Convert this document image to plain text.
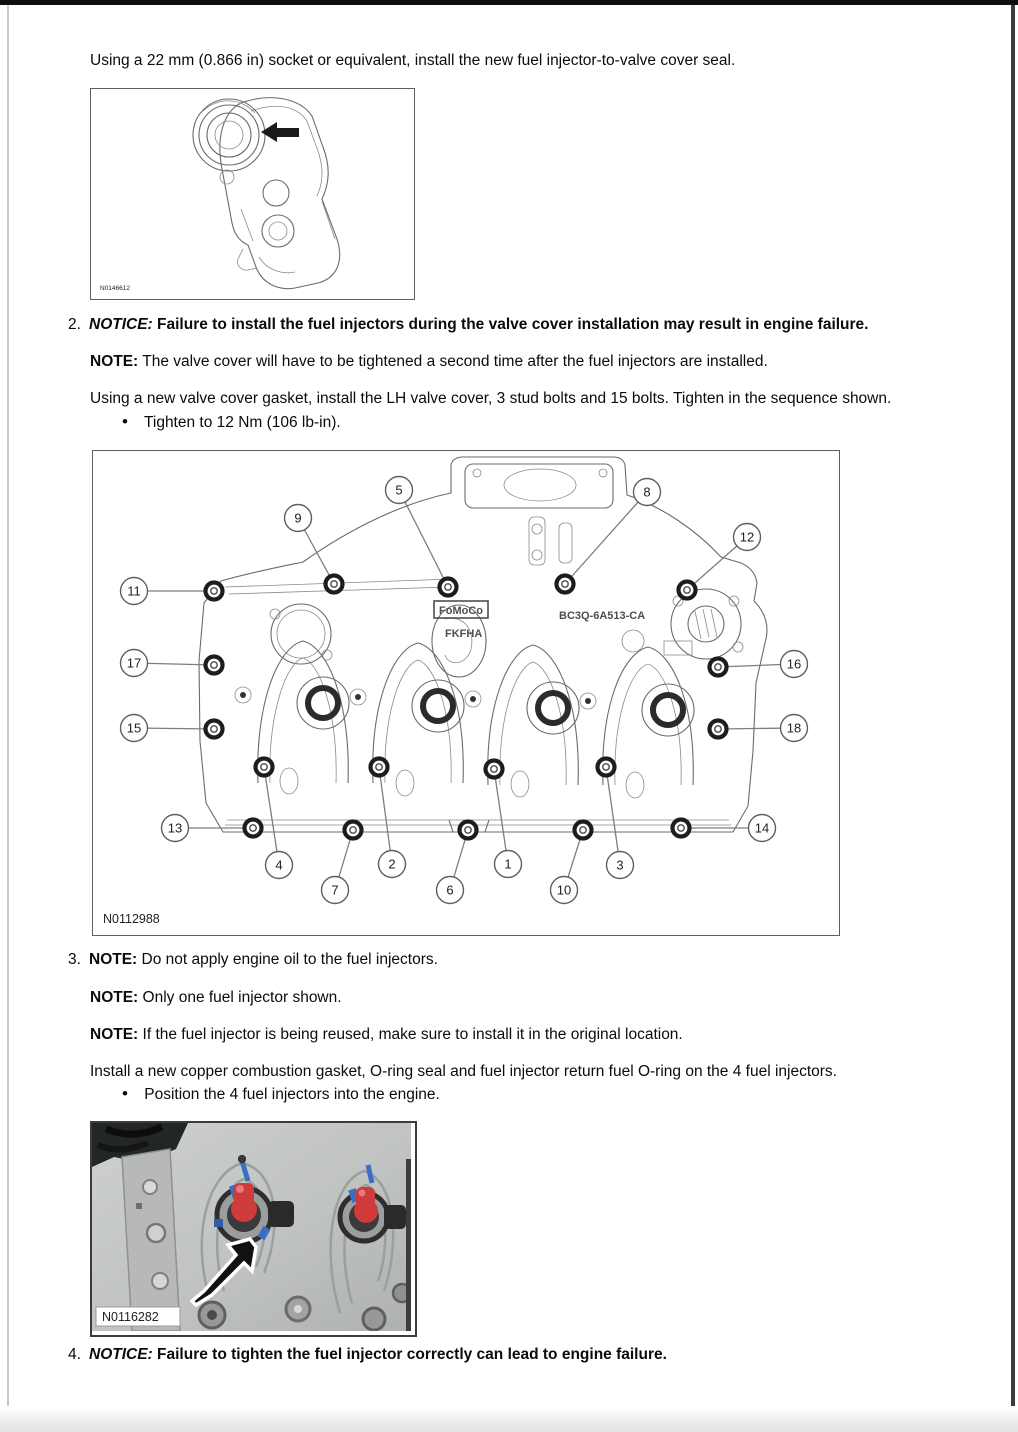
Using a 22 mm (0.866 in) socket or equivalent, install the new fuel injector-to-valve cover seal.
N0146612
2. NOTICE: Failure to install the fuel injectors during the valve cover installation may result in engine failure.
NOTE: The valve cover will have to be tightened a second time after the fuel injectors are installed.
Using a new valve cover gasket, install the LH valve cover, 3 stud bolts and 15 bolts. Tighten in the sequence shown.
• Tighten to 12 Nm (106 lb-in).
FoMoCo
FKFHA
BC3Q-6A513-CA
1
2	3
4
5
6
7
8
9
10
11
12
13	14
15
16
17
18
N0112988
3. NOTE: Do not apply engine oil to the fuel injectors.
NOTE: Only one fuel injector shown.
NOTE: If the fuel injector is being reused, make sure to install it in the original location.
Install a new copper combustion gasket, O-ring seal and fuel injector return fuel O-ring on the 4 fuel injectors.
• Position the 4 fuel injectors into the engine.
N0116282
4. NOTICE: Failure to tighten the fuel injector correctly can lead to engine failure.
